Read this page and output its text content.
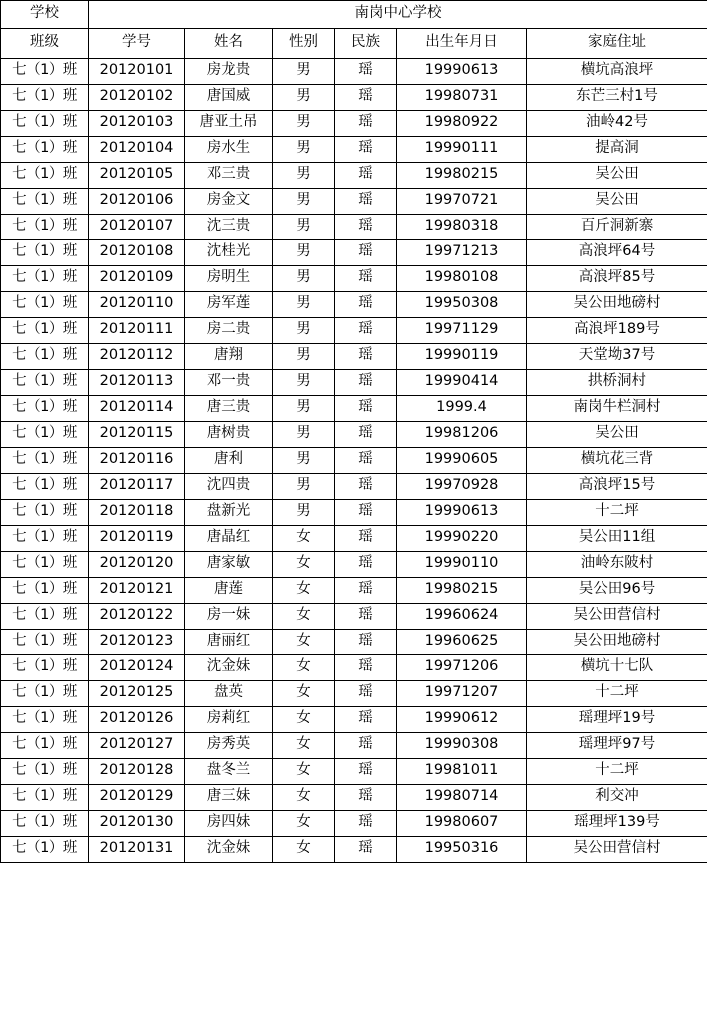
学校	南岗中心学校					
班级	学号	姓名	性别	民族	出生年月日	家庭住址
七（1）班	20120101	房龙贵	男	瑶	19990613	横坑高浪坪
七（1）班	20120102	唐国威	男	瑶	19980731	东芒三村1号
七（1）班	20120103	唐亚土吊	男	瑶	19980922	油岭42号
七（1）班	20120104	房水生	男	瑶	19990111	提高洞
七（1）班	20120105	邓三贵	男	瑶	19980215	吴公田
七（1）班	20120106	房金文	男	瑶	19970721	吴公田
七（1）班	20120107	沈三贵	男	瑶	19980318	百斤洞新寨
七（1）班	20120108	沈桂光	男	瑶	19971213	高浪坪64号
七（1）班	20120109	房明生	男	瑶	19980108	高浪坪85号
七（1）班	20120110	房军莲	男	瑶	19950308	吴公田地磅村
七（1）班	20120111	房二贵	男	瑶	19971129	高浪坪189号
七（1）班	20120112	唐翔	男	瑶	19990119	天堂坳37号
七（1）班	20120113	邓一贵	男	瑶	19990414	拱桥洞村
七（1）班	20120114	唐三贵	男	瑶	1999.4	南岗牛栏洞村
七（1）班	20120115	唐树贵	男	瑶	19981206	吴公田
七（1）班	20120116	唐利	男	瑶	19990605	横坑花三背
七（1）班	20120117	沈四贵	男	瑶	19970928	高浪坪15号
七（1）班	20120118	盘新光	男	瑶	19990613	十二坪
七（1）班	20120119	唐晶红	女	瑶	19990220	吴公田11组
七（1）班	20120120	唐家敏	女	瑶	19990110	油岭东陂村
七（1）班	20120121	唐莲	女	瑶	19980215	吴公田96号
七（1）班	20120122	房一妹	女	瑶	19960624	吴公田营信村
七（1）班	20120123	唐丽红	女	瑶	19960625	吴公田地磅村
七（1）班	20120124	沈金妹	女	瑶	19971206	横坑十七队
七（1）班	20120125	盘英	女	瑶	19971207	十二坪
七（1）班	20120126	房莉红	女	瑶	19990612	瑶理坪19号
七（1）班	20120127	房秀英	女	瑶	19990308	瑶理坪97号
七（1）班	20120128	盘冬兰	女	瑶	19981011	十二坪
七（1）班	20120129	唐三妹	女	瑶	19980714	利交冲
七（1）班	20120130	房四妹	女	瑶	19980607	瑶理坪139号
七（1）班	20120131	沈金妹	女	瑶	19950316	吴公田营信村
